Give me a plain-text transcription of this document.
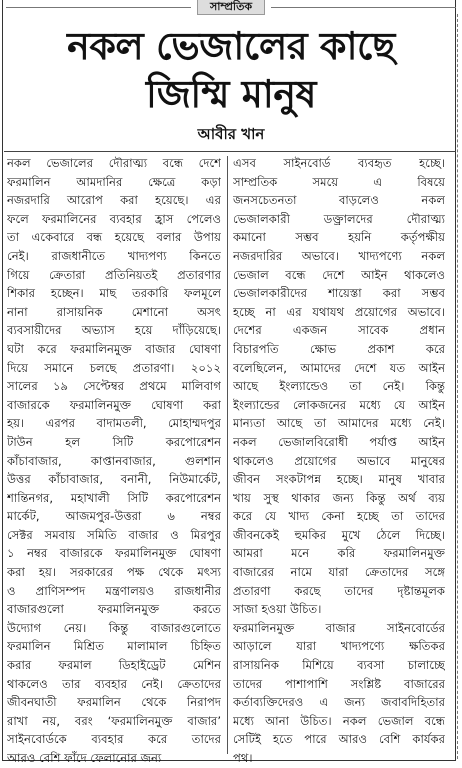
সাম্প্রতিক
নকল ভেজালের কাছে
জিম্মি মানুষ
আবীর খান

নকল ভেজালের দৌরাত্ম্য বন্ধে দেশে
ফরমালিন আমদানির ক্ষেত্রে কড়া
নজরদারি আরোপ করা হয়েছে। এর
ফলে ফরমালিনের ব্যবহার হ্রাস পেলেও
তা একেবারে বন্ধ হয়েছে বলার উপায়
নেই। রাজধানীতে খাদ্যপণ্য কিনতে
গিয়ে ক্রেতারা প্রতিনিয়তই প্রতারণার
শিকার হচ্ছেন। মাছ তরকারি ফলমূলে
নানা রাসায়নিক মেশানো অসৎ
ব্যবসায়ীদের অভ্যাস হয়ে দাঁড়িয়েছে।
ঘটা করে ফরমালিনমুক্ত বাজার ঘোষণা
দিয়ে সমানে চলছে প্রতারণা। ২০১২
সালের ১৯ সেপ্টেম্বর প্রথমে মালিবাগ
বাজারকে ফরমালিনমুক্ত ঘোষণা করা
হয়। এরপর বাদামতলী, মোহাম্মদপুর
টাউন হল সিটি করপোরেশন
কাঁচাবাজার, কাপ্তানবাজার, গুলশান
উত্তর কাঁচাবাজার, বনানী, নিউমার্কেট,
শান্তিনগর, মহাখালী সিটি করপোরেশন
মার্কেট, আজমপুর-উত্তরা ৬ নম্বর
সেক্টর সমবায় সমিতি বাজার ও মিরপুর
১ নম্বর বাজারকে ফরমালিনমুক্ত ঘোষণা
করা হয়। সরকারের পক্ষ থেকে মৎস্য
ও প্রাণিসম্পদ মন্ত্রণালয়ও রাজধানীর
বাজারগুলো ফরমালিনমুক্ত করতে
উদ্যোগ নেয়। কিন্তু বাজারগুলোতে
ফরমালিন মিশ্রিত মালামাল চিহ্নিত
করার ফরমাল ডিহাইড্রেট মেশিন
থাকলেও তার ব্যবহার নেই। ক্রেতাদের
জীবনঘাতী ফরমালিন থেকে নিরাপদ
রাখা নয়, বরং ‘ফরমালিনমুক্ত বাজার’
সাইনবোর্ডকে ব্যবহার করে তাদের
আরও বেশি ফাঁদে ফেলানোর জন্য

এসব সাইনবোর্ড ব্যবহৃত হচ্ছে।
সাম্প্রতিক সময়ে এ বিষয়ে
জনসচেতনতা বাড়লেও নকল
ভেজালকারী ডক্ত্রালদের দৌরাত্ম্য
কমানো সম্ভব হয়নি কর্তৃপক্ষীয়
নজরদারির অভাবে। খাদ্যপণ্যে নকল
ভেজাল বন্ধে দেশে আইন থাকলেও
ভেজালকারীদের শায়েস্তা করা সম্ভব
হচ্ছে না এর যথাযথ প্রয়োগের অভাবে।
দেশের একজন সাবেক প্রধান
বিচারপতি ক্ষোভ প্রকাশ করে
বলেছিলেন, আমাদের দেশে যত আইন
আছে ইংল্যান্ডেও তা নেই। কিন্তু
ইংল্যান্ডের লোকজনের মধ্যে যে আইন
মান্যতা আছে তা আমাদের মধ্যে নেই।
নকল ভেজালবিরোধী পর্যাপ্ত আইন
থাকলেও প্রয়োগের অভাবে মানুষের
জীবন সংকটাপন্ন হচ্ছে। মানুষ খাবার
খায় সুস্থ থাকার জন্য কিন্তু অর্থ ব্যয়
করে যে খাদ্য কেনা হচ্ছে তা তাদের
জীবনকেই হুমকির মুখে ঠেলে দিচ্ছে।
আমরা মনে করি ফরমালিনমুক্ত
বাজারের নামে যারা ক্রেতাদের সঙ্গে
প্রতারণা করছে তাদের দৃষ্টান্তমূলক
সাজা হওয়া উচিত।

ফরমালিনমুক্ত বাজার সাইনবোর্ডের
আড়ালে যারা খাদ্যপণ্যে ক্ষতিকর
রাসায়নিক মিশিয়ে ব্যবসা চালাচ্ছে
তাদের পাশাপাশি সংশ্লিষ্ট বাজারের
কর্তাব্যক্তিদেরও এ জন্য জবাবদিহিতার
মধ্যে আনা উচিত। নকল ভেজাল বন্ধে
সেটিই হতে পারে আরও বেশি কার্যকর
পথ।
